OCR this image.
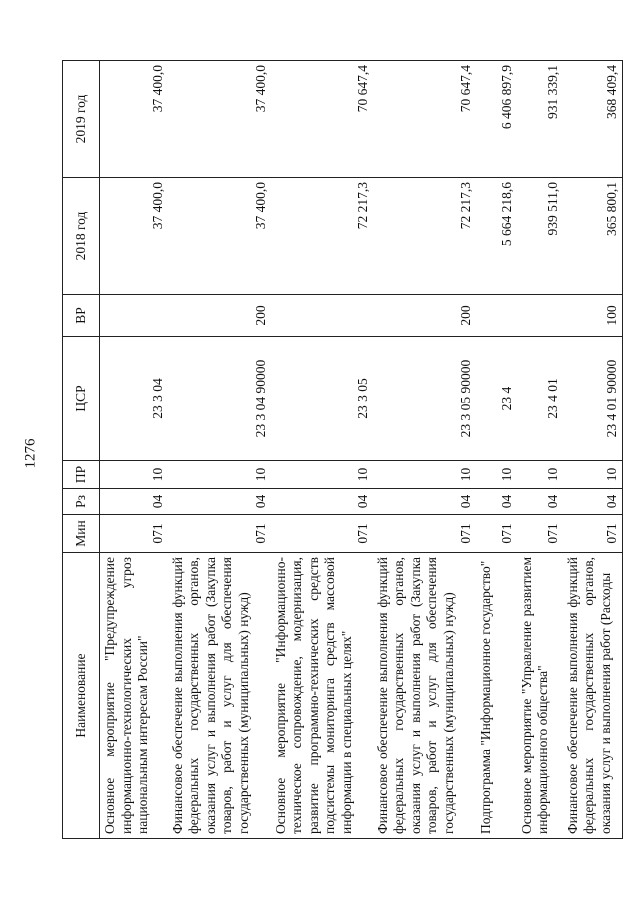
1276
Наименование	Мин	Рз	ПР	ЦСР	ВР	2018 год	2019 год
Основное мероприятие "Предупреждение информационно-технологических угроз национальным интересам России"	071	04	10	23 3 04		37 400,0	37 400,0
Финансовое обеспечение выполнения функций федеральных государственных органов, оказания услуг и выполнения работ (Закупка товаров, работ и услуг для обеспечения государственных (муниципальных) нужд)	071	04	10	23 3 04 90000	200	37 400,0	37 400,0
Основное мероприятие "Информационно-техническое сопровождение, модернизация, развитие программно-технических средств подсистемы мониторинга средств массовой информации в специальных целях"	071	04	10	23 3 05		72 217,3	70 647,4
Финансовое обеспечение выполнения функций федеральных государственных органов, оказания услуг и выполнения работ (Закупка товаров, работ и услуг для обеспечения государственных (муниципальных) нужд)	071	04	10	23 3 05 90000	200	72 217,3	70 647,4
Подпрограмма "Информационное государство"	071	04	10	23 4		5 664 218,6	6 406 897,9
Основное мероприятие "Управление развитием информационного общества"	071	04	10	23 4 01		939 511,0	931 339,1
Финансовое обеспечение выполнения функций федеральных государственных органов, оказания услуг и выполнения работ (Расходы	071	04	10	23 4 01 90000	100	365 800,1	368 409,4
